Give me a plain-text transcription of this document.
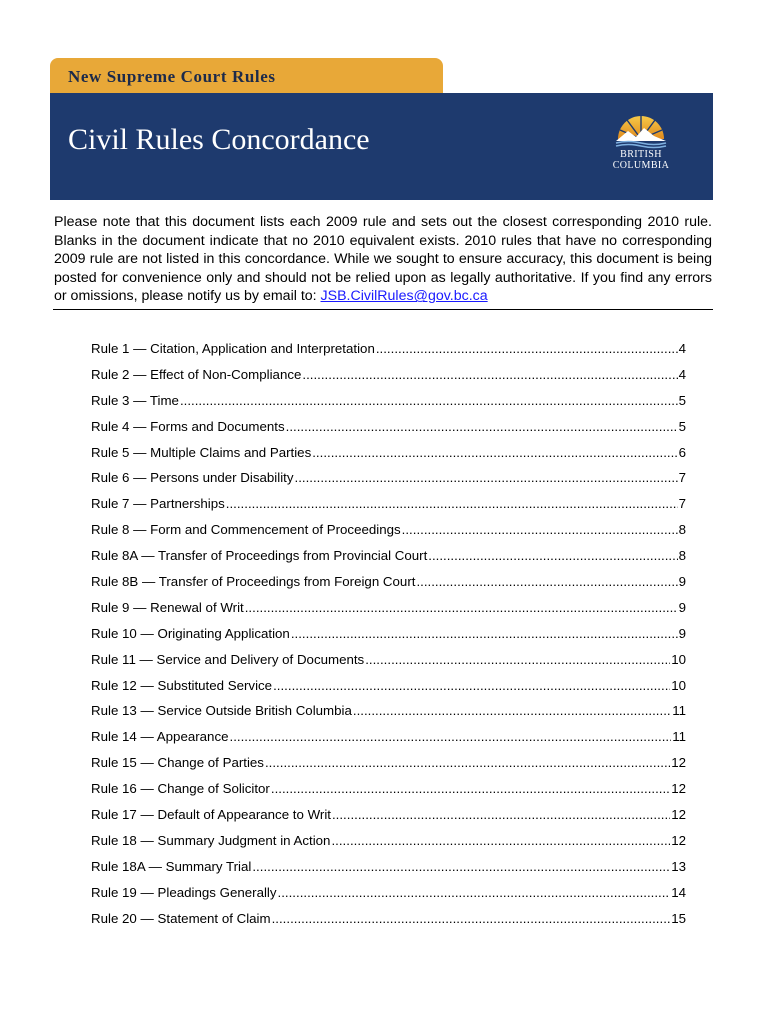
New Supreme Court Rules
Civil Rules Concordance	BRITISH
COLUMBIA

Please note that this document lists each 2009 rule and sets out the closest corresponding 2010 rule. Blanks in the document indicate that no 2010 equivalent exists. 2010 rules that have no corresponding 2009 rule are not listed in this concordance. While we sought to ensure accuracy, this document is being posted for convenience only and should not be relied upon as legally authoritative. If you find any errors or omissions, please notify us by email to: JSB.CivilRules@gov.bc.ca

Rule 1 — Citation, Application and Interpretation .....	4
Rule 2 — Effect of Non-Compliance .....	4
Rule 3 — Time .....	5
Rule 4 — Forms and Documents .....	5
Rule 5 — Multiple Claims and Parties .....	6
Rule 6 — Persons under Disability .....	7
Rule 7 — Partnerships .....	7
Rule 8 — Form and Commencement of Proceedings .....	8
Rule 8A — Transfer of Proceedings from Provincial Court .....	8
Rule 8B — Transfer of Proceedings from Foreign Court .....	9
Rule 9 — Renewal of Writ .....	9
Rule 10 — Originating Application .....	9
Rule 11 — Service and Delivery of Documents .....	10
Rule 12 — Substituted Service .....	10
Rule 13 — Service Outside British Columbia .....	11
Rule 14 — Appearance .....	11
Rule 15 — Change of Parties .....	12
Rule 16 — Change of Solicitor .....	12
Rule 17 — Default of Appearance to Writ .....	12
Rule 18 — Summary Judgment in Action .....	12
Rule 18A — Summary Trial .....	13
Rule 19 — Pleadings Generally .....	14
Rule 20 — Statement of Claim .....	15
